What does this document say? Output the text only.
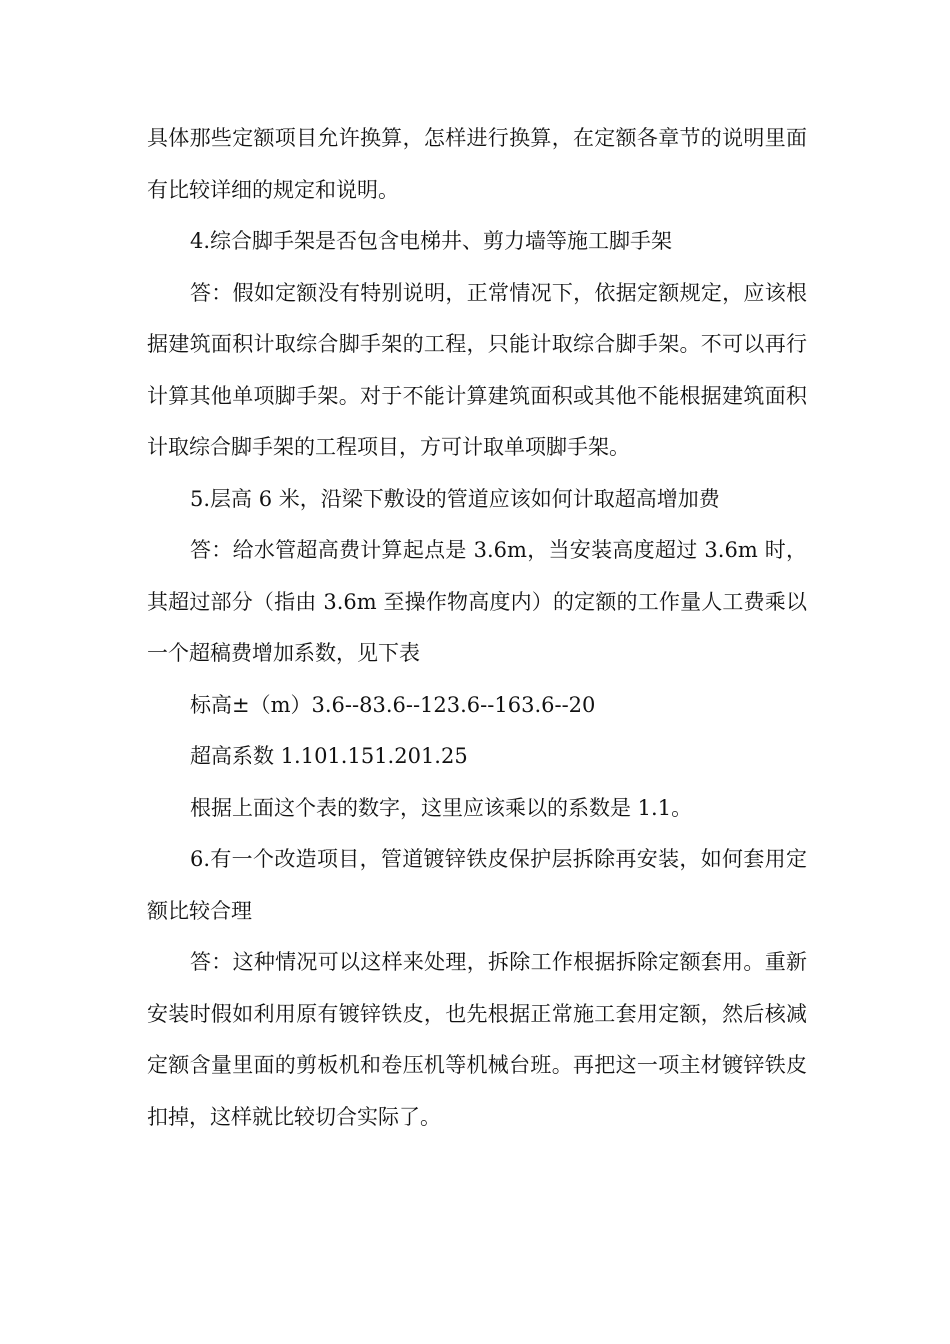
具体那些定额项目允许换算，怎样进行换算，在定额各章节的说明里面有比较详细的规定和说明。

4.综合脚手架是否包含电梯井、剪力墙等施工脚手架

答：假如定额没有特别说明，正常情况下，依据定额规定，应该根据建筑面积计取综合脚手架的工程，只能计取综合脚手架。不可以再行计算其他单项脚手架。对于不能计算建筑面积或其他不能根据建筑面积计取综合脚手架的工程项目，方可计取单项脚手架。

5.层高 6 米，沿梁下敷设的管道应该如何计取超高增加费

答：给水管超高费计算起点是 3.6m，当安装高度超过 3.6m 时，其超过部分（指由 3.6m 至操作物高度内）的定额的工作量人工费乘以一个超稿费增加系数，见下表

标高±（m）3.6--83.6--123.6--163.6--20

超高系数 1.101.151.201.25

根据上面这个表的数字，这里应该乘以的系数是 1.1。

6.有一个改造项目，管道镀锌铁皮保护层拆除再安装，如何套用定额比较合理

答：这种情况可以这样来处理，拆除工作根据拆除定额套用。重新安装时假如利用原有镀锌铁皮，也先根据正常施工套用定额，然后核减定额含量里面的剪板机和卷压机等机械台班。再把这一项主材镀锌铁皮扣掉，这样就比较切合实际了。
